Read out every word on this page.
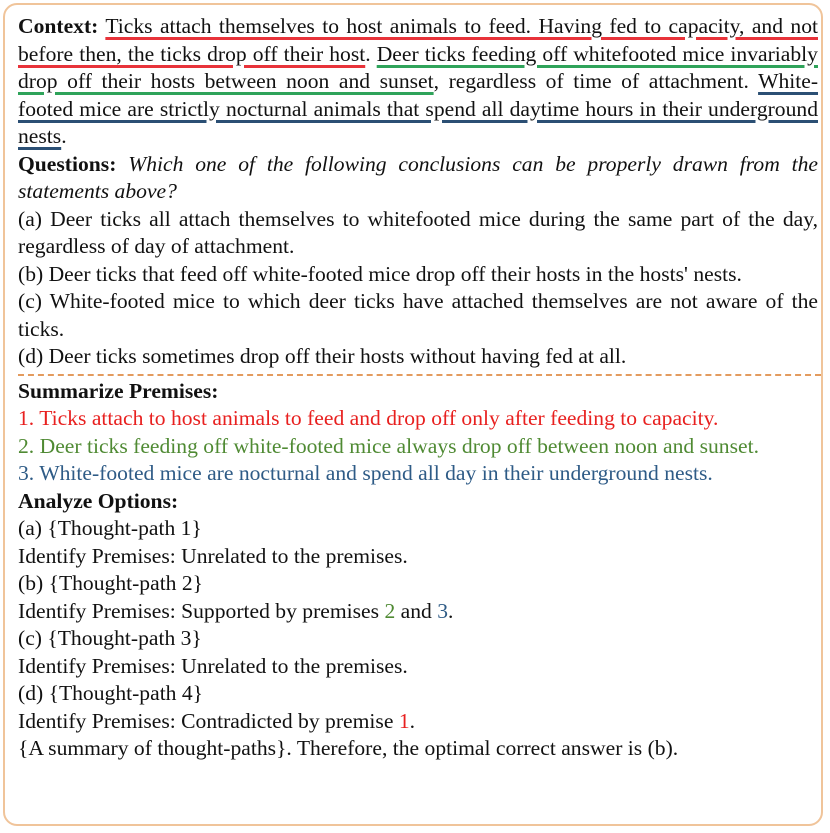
Context: Ticks attach themselves to host animals to feed. Having fed to capacity, and not before then, the ticks drop off their host. Deer ticks feeding off whitefooted mice invariably drop off their hosts between noon and sunset, regardless of time of attachment. White-footed mice are strictly nocturnal animals that spend all daytime hours in their underground nests.
Questions: Which one of the following conclusions can be properly drawn from the statements above?
(a) Deer ticks all attach themselves to whitefooted mice during the same part of the day, regardless of day of attachment.
(b) Deer ticks that feed off white-footed mice drop off their hosts in the hosts' nests.
(c) White-footed mice to which deer ticks have attached themselves are not aware of the ticks.
(d) Deer ticks sometimes drop off their hosts without having fed at all.
Summarize Premises:
1. Ticks attach to host animals to feed and drop off only after feeding to capacity.
2. Deer ticks feeding off white-footed mice always drop off between noon and sunset.
3. White-footed mice are nocturnal and spend all day in their underground nests.
Analyze Options:
(a) {Thought-path 1}
Identify Premises: Unrelated to the premises.
(b) {Thought-path 2}
Identify Premises: Supported by premises 2 and 3.
(c) {Thought-path 3}
Identify Premises: Unrelated to the premises.
(d) {Thought-path 4}
Identify Premises: Contradicted by premise 1.
{A summary of thought-paths}. Therefore, the optimal correct answer is (b).
